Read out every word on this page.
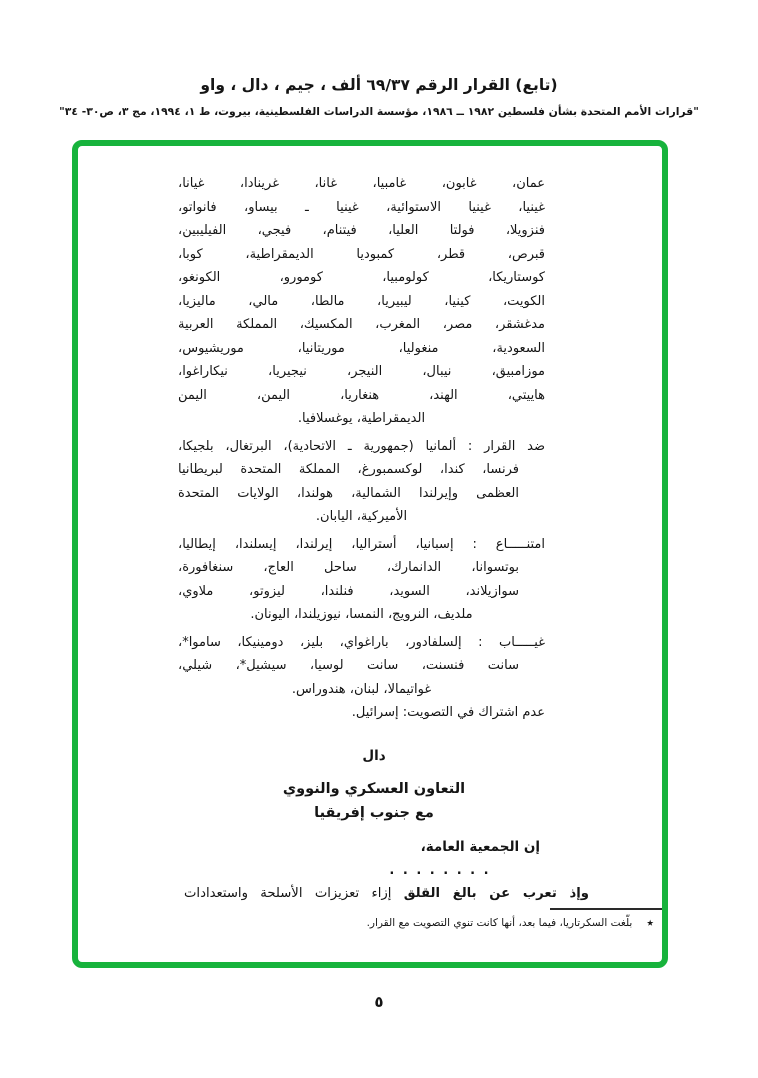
(تابع) القرار الرقم ٦٩/٣٧ ألف ، جيم ، دال ، واو
"قرارات الأمم المتحدة بشأن فلسطين ١٩٨٢ ــ ١٩٨٦، مؤسسة الدراسات الفلسطينية، بيروت، ط ١، ١٩٩٤، مج ٣، ص٣٠- ٣٤"
عمان، غابون، غامبيا، غانا، غرينادا، غيانا،
غينيا، غينيا الاستوائية، غينيا ـ بيساو، فانواتو،
فنزويلا، فولتا العليا، فيتنام، فيجي، الفيليبين،
قبرص، قطر، كمبوديا الديمقراطية، كوبا،
كوستاريكا، كولومبيا، كومورو، الكونغو،
الكويت، كينيا، ليبيريا، مالطا، مالي، ماليزيا،
مدغشقر، مصر، المغرب، المكسيك، المملكة العربية
السعودية، منغوليا، موريتانيا، موريشيوس،
موزامبيق، نيبال، النيجر، نيجيريا، نيكاراغوا،
هاييتي، الهند، هنغاريا، اليمن، اليمن
الديمقراطية، يوغسلافيا.
ضد القرار : ألمانيا (جمهورية ـ الاتحادية)، البرتغال، بلجيكا،
فرنسا، كندا، لوكسمبورغ، المملكة المتحدة لبريطانيا
العظمى وإيرلندا الشمالية، هولندا، الولايات المتحدة
الأميركية، اليابان.
امتنـــــاع : إسبانيا، أستراليا، إيرلندا، إيسلندا، إيطاليا،
بوتسوانا، الدانمارك، ساحل العاج، سنغافورة،
سوازيلاند، السويد، فنلندا، ليزوتو، ملاوي،
ملديف، النرويج، النمسا، نيوزيلندا، اليونان.
غيـــــاب : إلسلفادور، باراغواي، بليز، دومينيكا، ساموا*،
سانت فنسنت، سانت لوسيا، سيشيل*، شيلي،
غواتيمالا، لبنان، هندوراس.
عدم اشتراك في التصويت: إسرائيل.
دال
التعاون العسكري والنووي
مع جنوب إفريقيا
إن الجمعية العامة،
. . . . . . . .
وإذ تعرب عن بالغ القلق إزاء تعزيزات الأسلحة واستعدادات
٭
بلّغت السكرتاريا، فيما بعد، أنها كانت تنوي التصويت مع القرار.
٥
